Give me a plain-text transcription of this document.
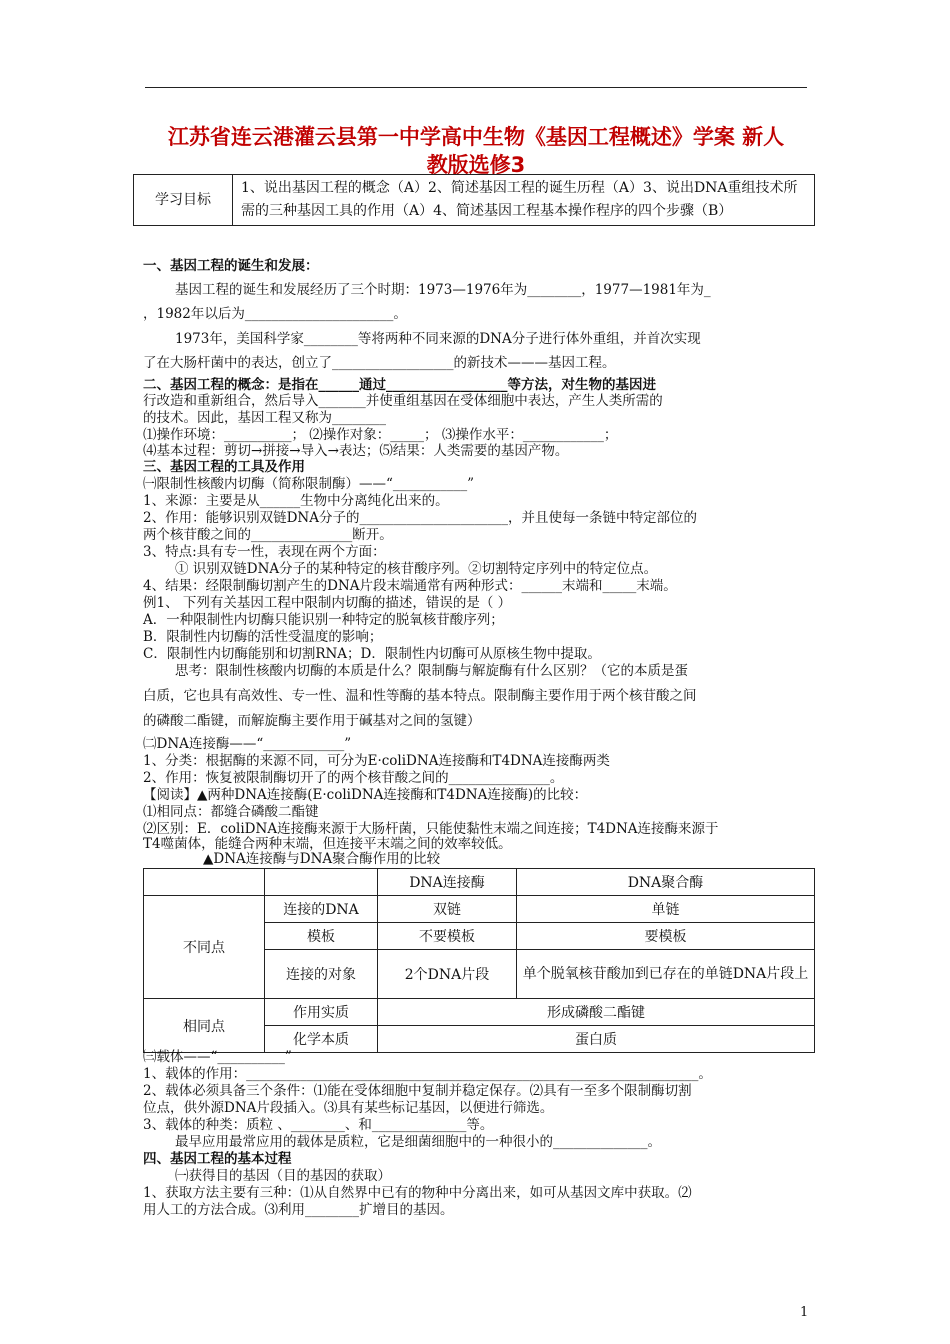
江苏省连云港灌云县第一中学高中生物《基因工程概述》学案 新人
教版选修3
学习目标	1、说出基因工程的概念（A）2、简述基因工程的诞生历程（A）3、说出DNA重组技术所需的三种基因工具的作用（A）4、简述基因工程基本操作程序的四个步骤（B）
一、基因工程的诞生和发展：
基因工程的诞生和发展经历了三个时期：1973—1976年为________，1977—1981年为_
，1982年以后为______________________。
1973年，美国科学家________等将两种不同来源的DNA分子进行体外重组，并首次实现
了在大肠杆菌中的表达，创立了__________________的新技术———基因工程。
二、基因工程的概念：是指在______通过__________________等方法，对生物的基因进
行改造和重新组合，然后导入_______并使重组基因在受体细胞中表达，产生人类所需的
的技术。因此，基因工程又称为________
⑴操作环境：__________； ⑵操作对象：_____； ⑶操作水平：____________；
⑷基本过程：剪切→拼接→导入→表达；⑸结果：人类需要的基因产物。
三、基因工程的工具及作用
㈠限制性核酸内切酶（简称限制酶）——“___________”
1、来源：主要是从______生物中分离纯化出来的。
2、作用：能够识别双链DNA分子的______________________，并且使每一条链中特定部位的
两个核苷酸之间的_______________断开。
3、特点:具有专一性，表现在两个方面：
① 识别双链DNA分子的某种特定的核苷酸序列。②切割特定序列中的特定位点。
4、结果：经限制酶切割产生的DNA片段末端通常有两种形式：______末端和_____末端。
例1、 下列有关基因工程中限制内切酶的描述，错误的是（ ）
A．一种限制性内切酶只能识别一种特定的脱氧核苷酸序列；
B．限制性内切酶的活性受温度的影响；
C．限制性内切酶能别和切割RNA；D．限制性内切酶可从原核生物中提取。
思考：限制性核酸内切酶的本质是什么？限制酶与解旋酶有什么区别？（它的本质是蛋
白质，它也具有高效性、专一性、温和性等酶的基本特点。限制酶主要作用于两个核苷酸之间
的磷酸二酯键，而解旋酶主要作用于碱基对之间的氢键）
㈡DNA连接酶——“____________”
1、分类：根据酶的来源不同，可分为E·coliDNA连接酶和T4DNA连接酶两类
2、作用：恢复被限制酶切开了的两个核苷酸之间的_______________。
【阅读】▲两种DNA连接酶(E·coliDNA连接酶和T4DNA连接酶)的比较：
⑴相同点：都缝合磷酸二酯键
⑵区别：E．coliDNA连接酶来源于大肠杆菌，只能使黏性末端之间连接；T4DNA连接酶来源于
T4噬菌体，能缝合两种末端，但连接平末端之间的效率较低。
▲DNA连接酶与DNA聚合酶作用的比较
		DNA连接酶	DNA聚合酶
不同点	连接的DNA	双链	单链
	模板	不要模板	要模板
	连接的对象	2个DNA片段	单个脱氧核苷酸加到已存在的单链DNA片段上
相同点	作用实质	形成磷酸二酯键	
	化学本质	蛋白质	
㈢载体——“__________”
1、载体的作用：___________________________________________________________________。
2、载体必须具备三个条件：⑴能在受体细胞中复制并稳定保存。⑵具有一至多个限制酶切割
位点，供外源DNA片段插入。⑶具有某些标记基因，以便进行筛选。
3、载体的种类：质粒 、________、和______________等。
最早应用最常应用的载体是质粒，它是细菌细胞中的一种很小的______________。
四、基因工程的基本过程
㈠获得目的基因（目的基因的获取）
1、获取方法主要有三种：⑴从自然界中已有的物种中分离出来，如可从基因文库中获取。⑵
用人工的方法合成。⑶利用________扩增目的基因。
1
